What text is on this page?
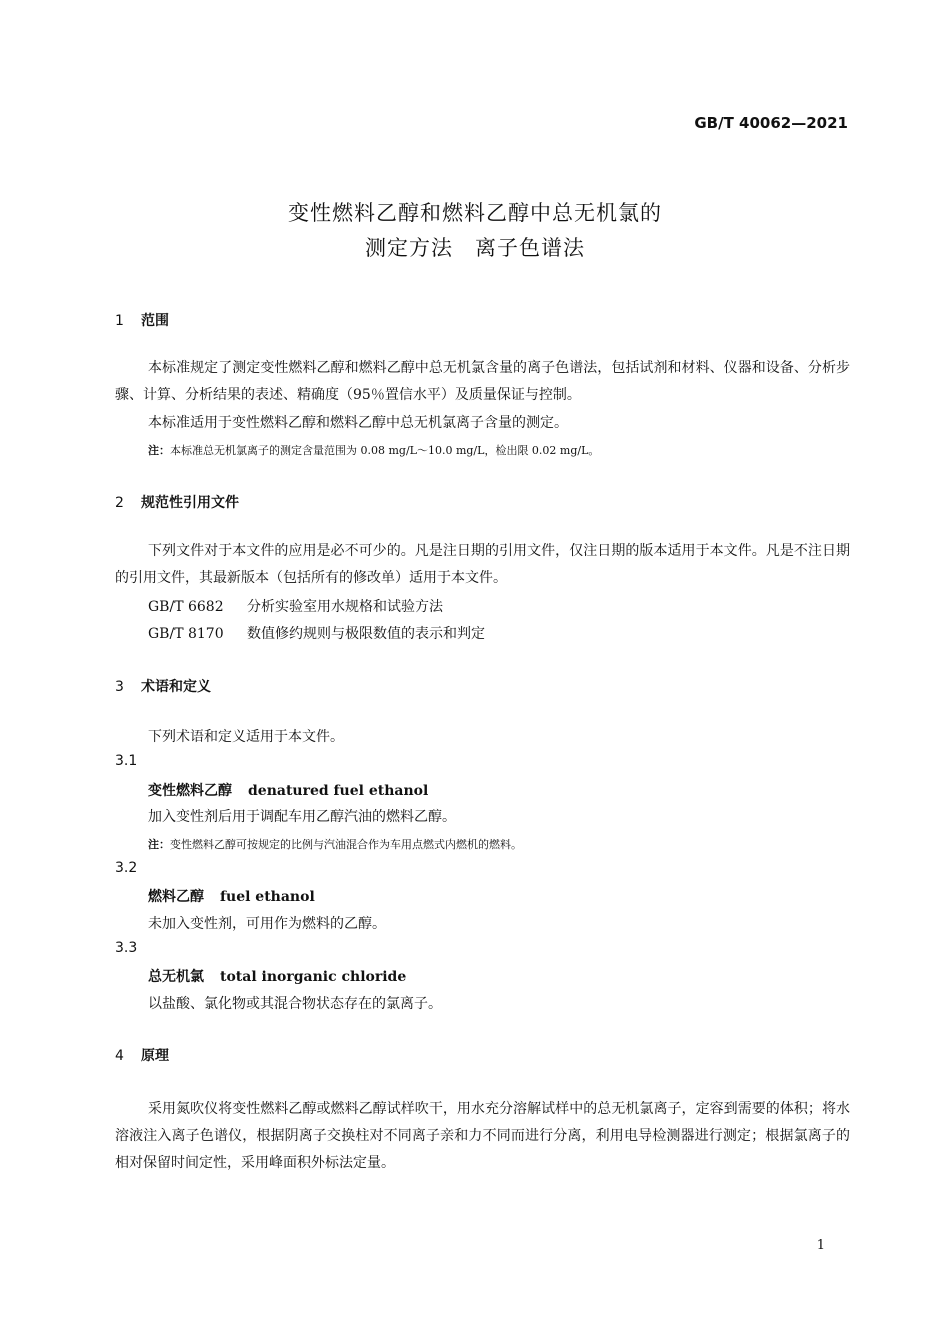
GB/T 40062—2021
变性燃料乙醇和燃料乙醇中总无机氯的
测定方法　离子色谱法
1 范围
本标准规定了测定变性燃料乙醇和燃料乙醇中总无机氯含量的离子色谱法，包括试剂和材料、仪器和设备、分析步骤、计算、分析结果的表述、精确度（95％置信水平）及质量保证与控制。
本标准适用于变性燃料乙醇和燃料乙醇中总无机氯离子含量的测定。
注：本标准总无机氯离子的测定含量范围为 0.08 mg/L～10.0 mg/L，检出限 0.02 mg/L。
2 规范性引用文件
下列文件对于本文件的应用是必不可少的。凡是注日期的引用文件，仅注日期的版本适用于本文件。凡是不注日期的引用文件，其最新版本（包括所有的修改单）适用于本文件。
GB/T 6682 分析实验室用水规格和试验方法
GB/T 8170 数值修约规则与极限数值的表示和判定
3 术语和定义
下列术语和定义适用于本文件。
3.1
变性燃料乙醇 denatured fuel ethanol
加入变性剂后用于调配车用乙醇汽油的燃料乙醇。
注：变性燃料乙醇可按规定的比例与汽油混合作为车用点燃式内燃机的燃料。
3.2
燃料乙醇 fuel ethanol
未加入变性剂，可用作为燃料的乙醇。
3.3
总无机氯 total inorganic chloride
以盐酸、氯化物或其混合物状态存在的氯离子。
4 原理
采用氮吹仪将变性燃料乙醇或燃料乙醇试样吹干，用水充分溶解试样中的总无机氯离子，定容到需要的体积；将水溶液注入离子色谱仪，根据阴离子交换柱对不同离子亲和力不同而进行分离，利用电导检测器进行测定；根据氯离子的相对保留时间定性，采用峰面积外标法定量。
1
